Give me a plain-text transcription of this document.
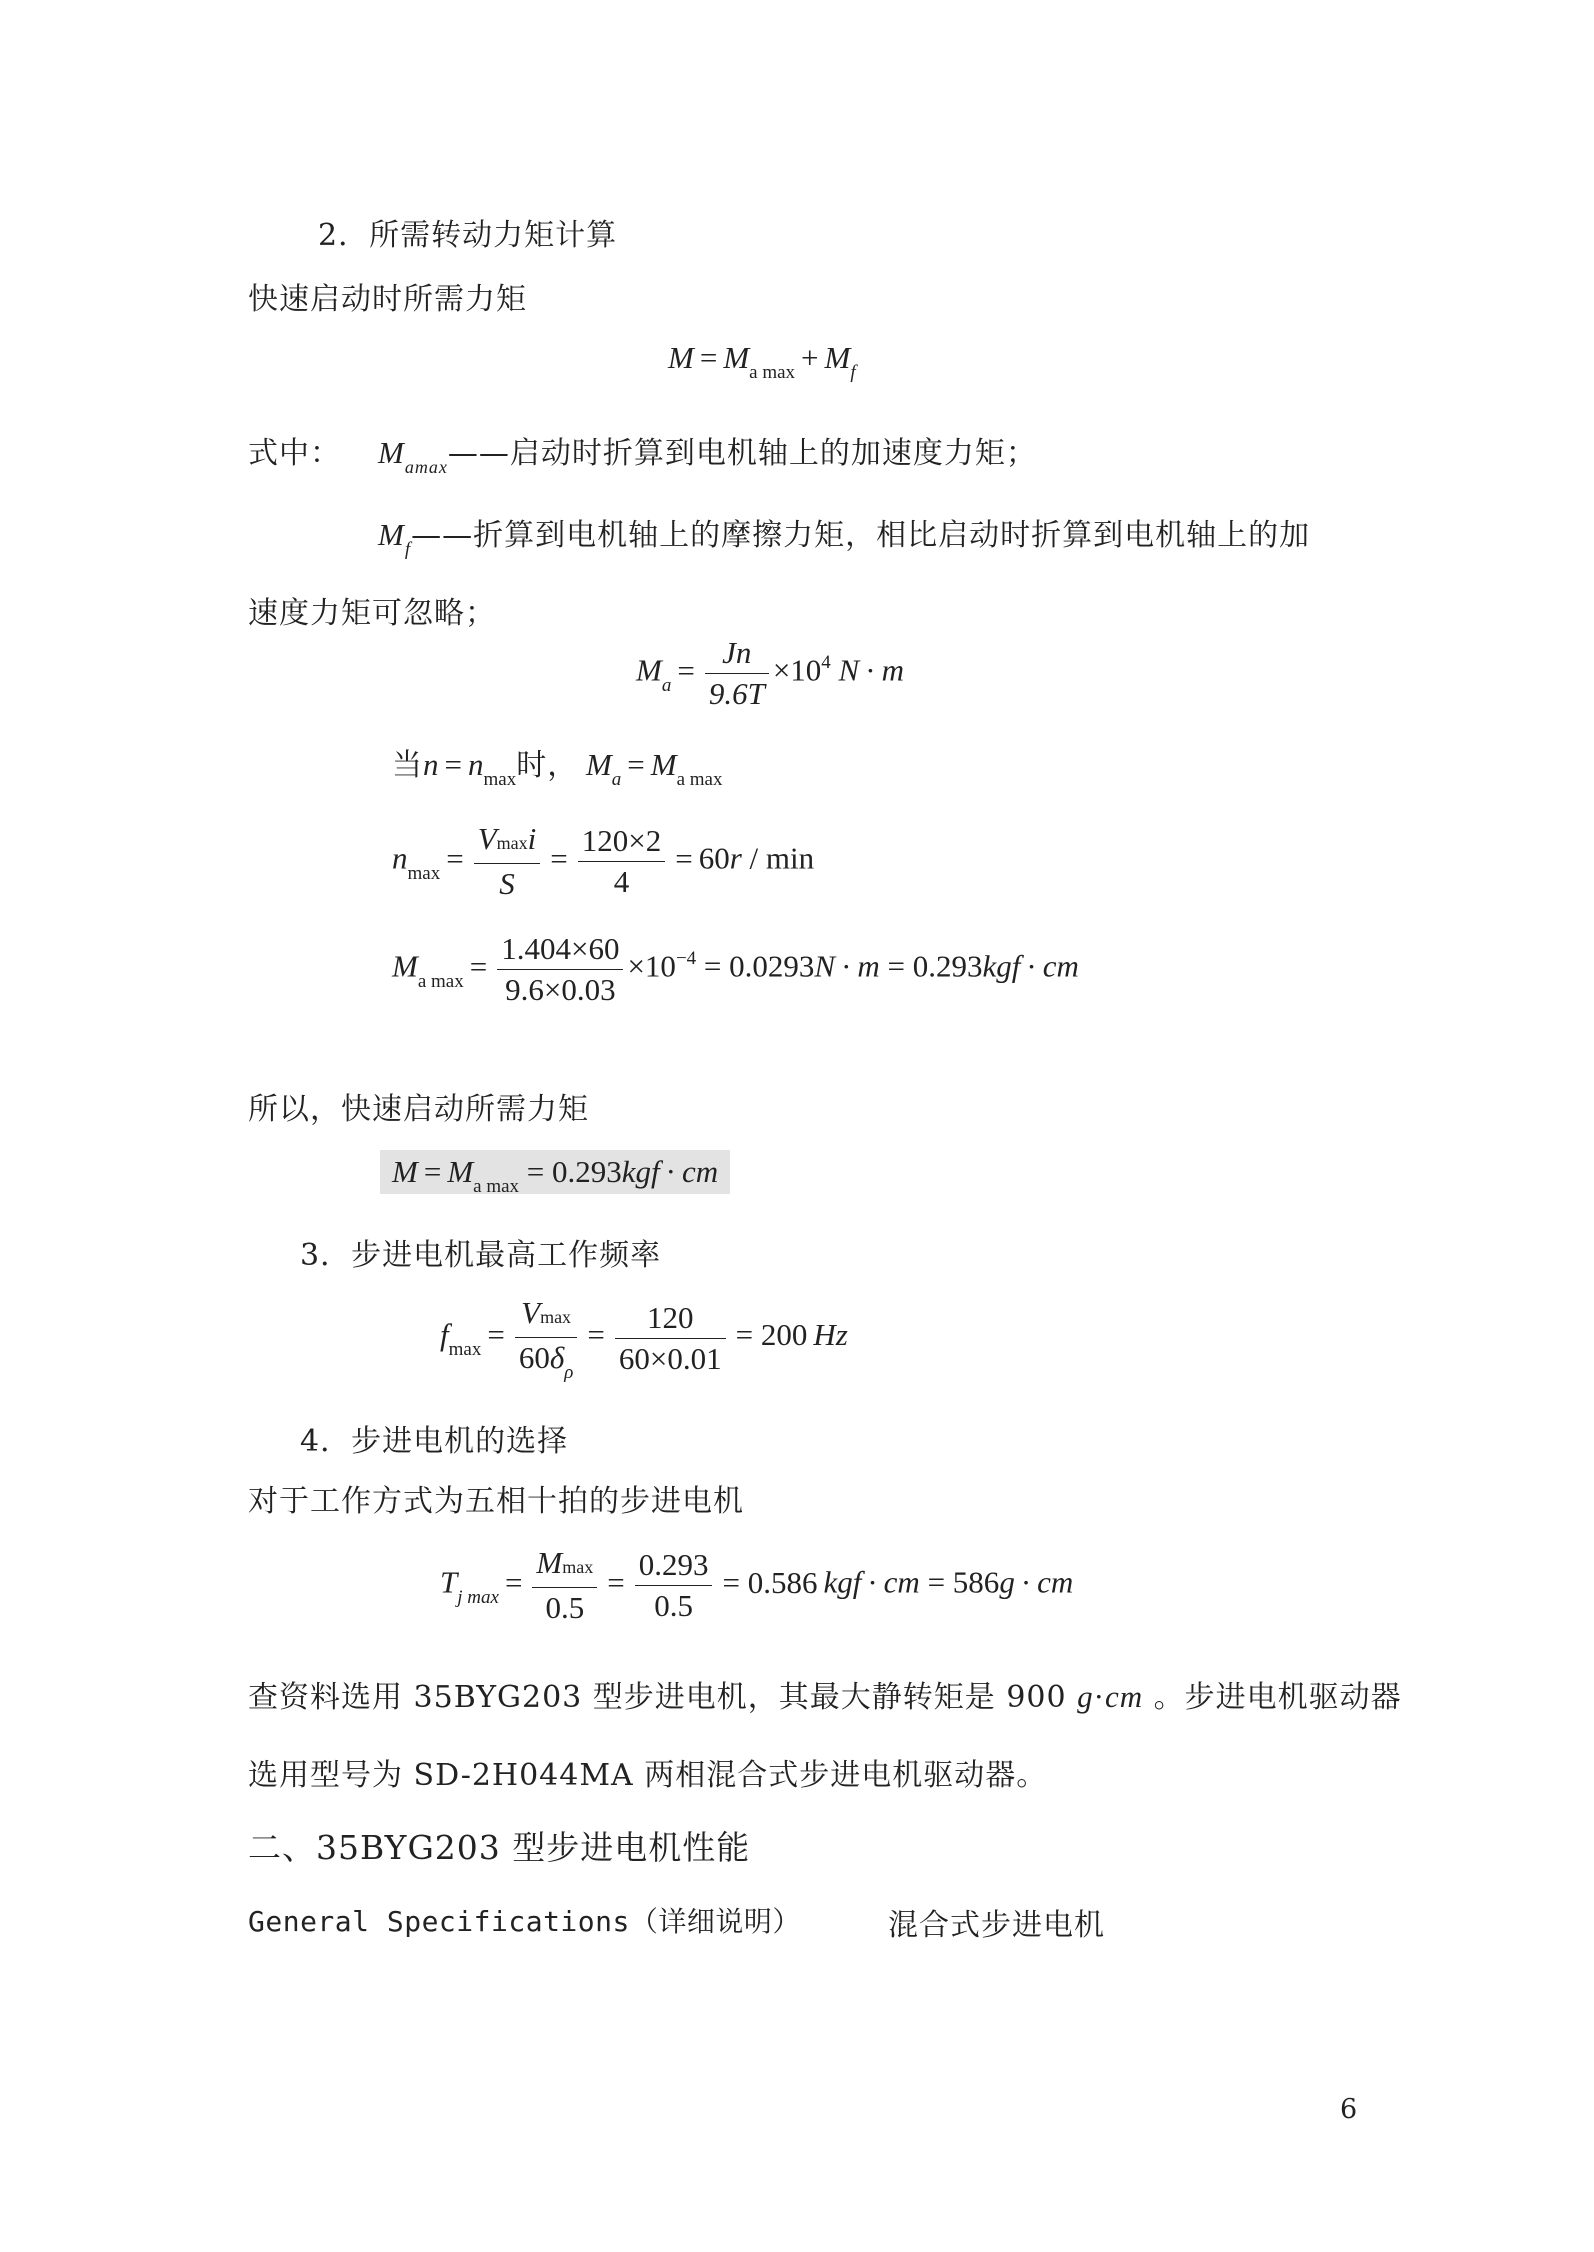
2．所需转动力矩计算
快速启动时所需力矩
$M = M_{a max} + M_f$
式中： $M_{amax}——$启动时折算到电机轴上的加速度力矩；
$M_f——$折算到电机轴上的摩擦力矩，相比启动时折算到电机轴上的加
速度力矩可忽略；
$M_a = \frac{Jn}{9.6T} \times 10^4$ N · m
当$n = n_{max}$时， $M_a = M_{a max}$
$n_{max} = \frac{Vmaxi}{S} = \frac{120\times 2}{4} = 60r / \min$
$M_{a max} = \frac{1.404\times 60}{9.6\times 0.03} \times 10^{-4} = 0.0293N \cdot m = 0.293kgf$ · cm
所以，快速启动所需力矩
$M = M_{a max} = 0.293kgf$ · cm
3．步进电机最高工作频率
$f_{max} = \frac{Vmax}{60\delta_\rho} = \frac{120}{60\times 0.01} = 200$ Hz
4．步进电机的选择
对于工作方式为五相十拍的步进电机
$T_{j max} = \frac{Mmax}{0.5} = \frac{0.293}{0.5} = 0.586$ kgf · cm = 586g · cm
查资料选用 35BYG203 型步进电机，其最大静转矩是 900 g·cm 。步进电机驱动器
选用型号为 SD-2H044MA 两相混合式步进电机驱动器。
二、35BYG203 型步进电机性能
General Specifications（详细说明）	混合式步进电机
6
